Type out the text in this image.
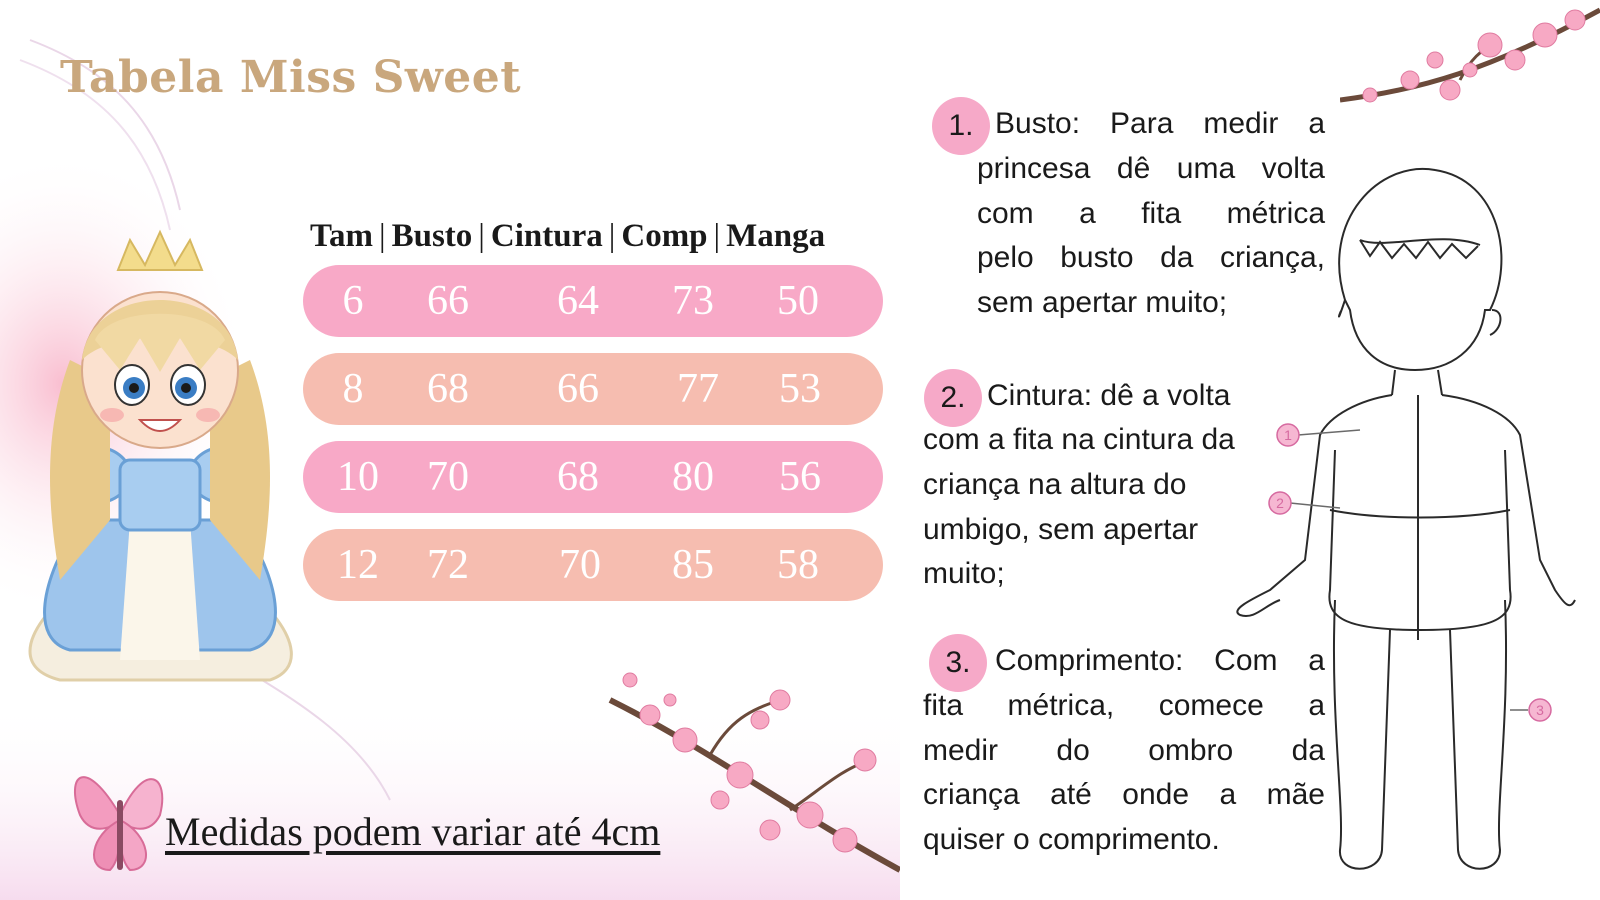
Tabela Miss Sweet
Tam | Busto | Cintura | Comp | Manga
6	66	64	73	50
8	68	66	77	53
10	70	68	80	56
12	72	70	85	58
Medidas podem variar até 4cm
1. Busto: Para medir a
princesa dê uma volta
com a fita métrica
pelo busto da criança,
sem apertar muito;
2. Cintura: dê a volta
com a fita na cintura da
criança na altura do
umbigo, sem apertar
muito;
3. Comprimento: Com a
fita métrica, comece a
medir do ombro da
criança até onde a mãe
quiser o comprimento.
1
2
3
